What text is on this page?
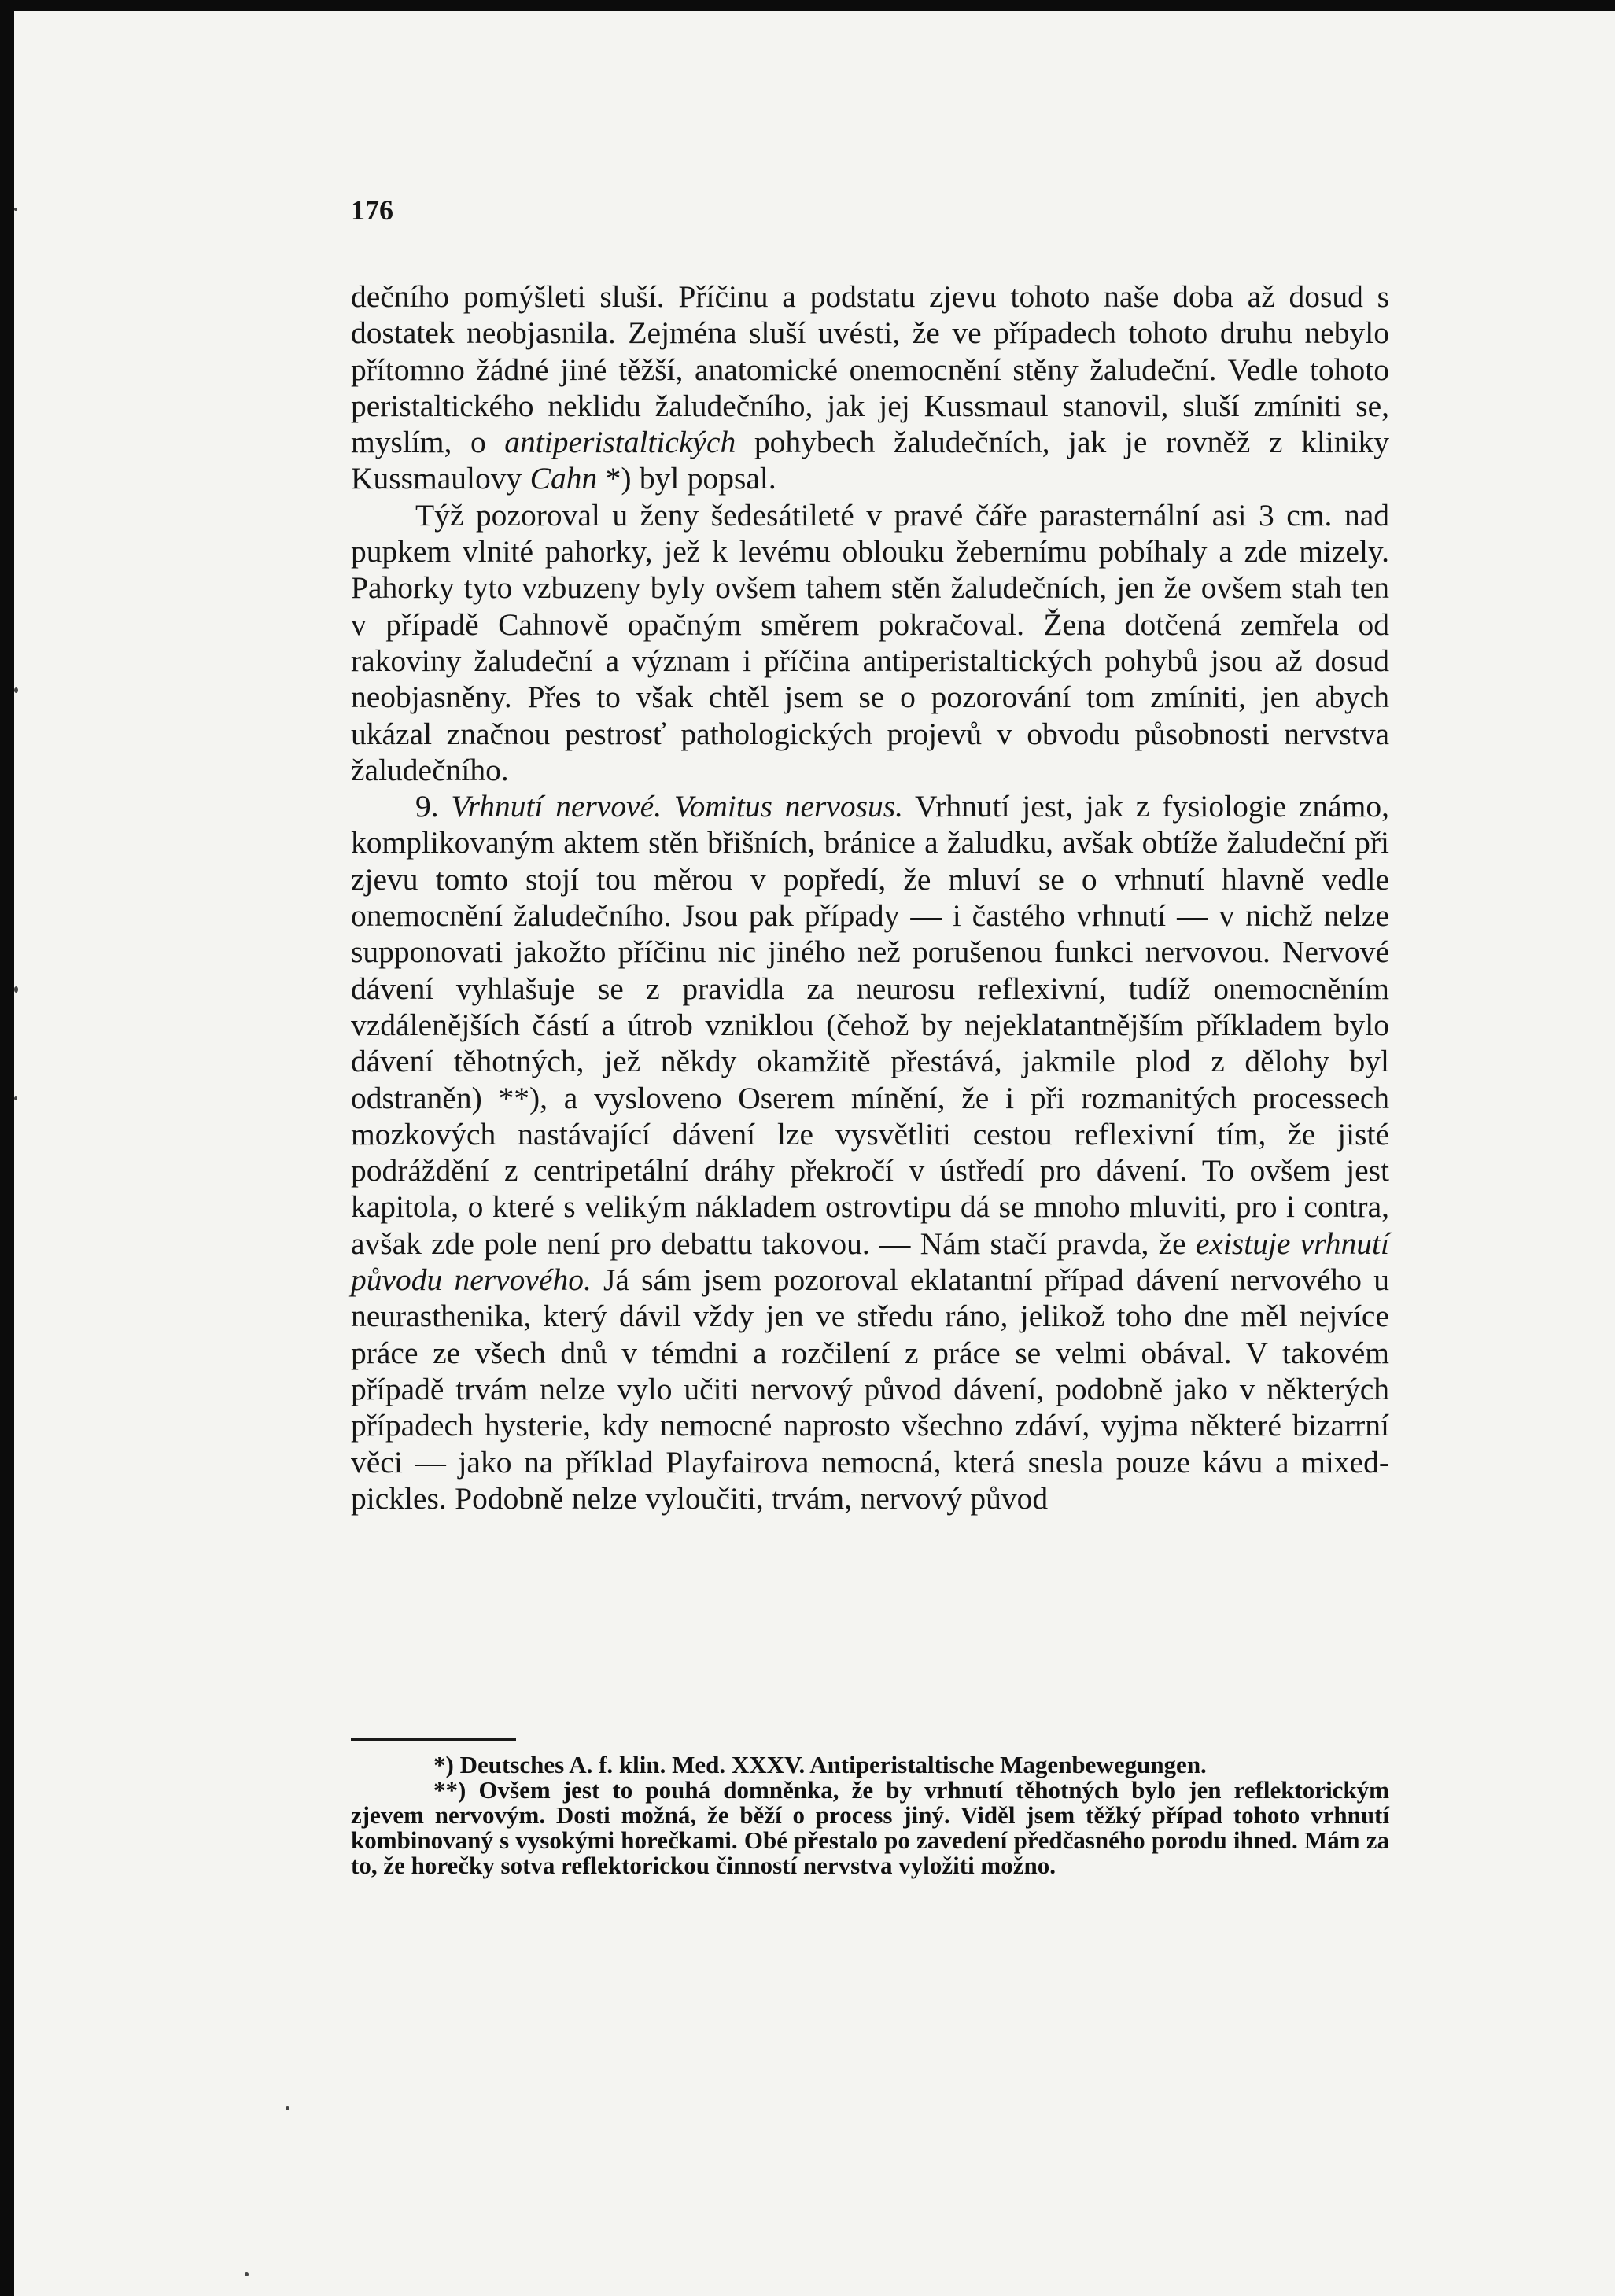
176

dečního pomýšleti sluší. Příčinu a podstatu zjevu tohoto naše doba až dosud s dostatek neobjasnila. Zejména sluší uvésti, že ve případech tohoto druhu nebylo přítomno žádné jiné těžší, anatomické onemocnění stěny žaludeční. Vedle tohoto peristaltického neklidu žaludečního, jak jej Kussmaul stanovil, sluší zmíniti se, myslím, o antiperistaltických pohybech žaludečních, jak je rovněž z kliniky Kussmaulovy Cahn *) byl popsal.

Týž pozoroval u ženy šedesátileté v pravé čáře parasternální asi 3 cm. nad pupkem vlnité pahorky, jež k levému oblouku žebernímu pobíhaly a zde mizely. Pahorky tyto vzbuzeny byly ovšem tahem stěn žaludečních, jen že ovšem stah ten v případě Cahnově opačným směrem pokračoval. Žena dotčená zemřela od rakoviny žaludeční a význam i příčina antiperistaltických pohybů jsou až dosud neobjasněny. Přes to však chtěl jsem se o pozorování tom zmíniti, jen abych ukázal značnou pestrosť pathologických projevů v obvodu působnosti nervstva žaludečního.

9. Vrhnutí nervové. Vomitus nervosus. Vrhnutí jest, jak z fysiologie známo, komplikovaným aktem stěn břišních, bránice a žaludku, avšak obtíže žaludeční při zjevu tomto stojí tou měrou v popředí, že mluví se o vrhnutí hlavně vedle onemocnění žaludečního. Jsou pak případy — i častého vrhnutí — v nichž nelze supponovati jakožto příčinu nic jiného než porušenou funkci nervovou. Nervové dávení vyhlašuje se z pravidla za neurosu reflexivní, tudíž onemocněním vzdálenějších částí a útrob vzniklou (čehož by nejeklatantnějším příkladem bylo dávení těhotných, jež někdy okamžitě přestává, jakmile plod z dělohy byl odstraněn) **), a vysloveno Oserem mínění, že i při rozmanitých processech mozkových nastávající dávení lze vysvětliti cestou reflexivní tím, že jisté podráždění z centripetální dráhy překročí v ústředí pro dávení. To ovšem jest kapitola, o které s velikým nákladem ostrovtipu dá se mnoho mluviti, pro i contra, avšak zde pole není pro debattu takovou. — Nám stačí pravda, že existuje vrhnutí původu nervového. Já sám jsem pozoroval eklatantní případ dávení nervového u neurasthenika, který dávil vždy jen ve středu ráno, jelikož toho dne měl nejvíce práce ze všech dnů v témdni a rozčilení z práce se velmi obával. V takovém případě trvám nelze vylo učiti nervový původ dávení, podobně jako v některých případech hysterie, kdy nemocné naprosto všechno zdáví, vyjma některé bizarrní věci — jako na příklad Playfairova nemocná, která snesla pouze kávu a mixed-pickles. Podobně nelze vyloučiti, trvám, nervový původ

*) Deutsches A. f. klin. Med. XXXV. Antiperistaltische Magenbewegungen.

**) Ovšem jest to pouhá domněnka, že by vrhnutí těhotných bylo jen reflektorickým zjevem nervovým. Dosti možná, že běží o process jiný. Viděl jsem těžký případ tohoto vrhnutí kombinovaný s vysokými horečkami. Obé přestalo po zavedení předčasného porodu ihned. Mám za to, že horečky sotva reflektorickou činností nervstva vyložiti možno.
